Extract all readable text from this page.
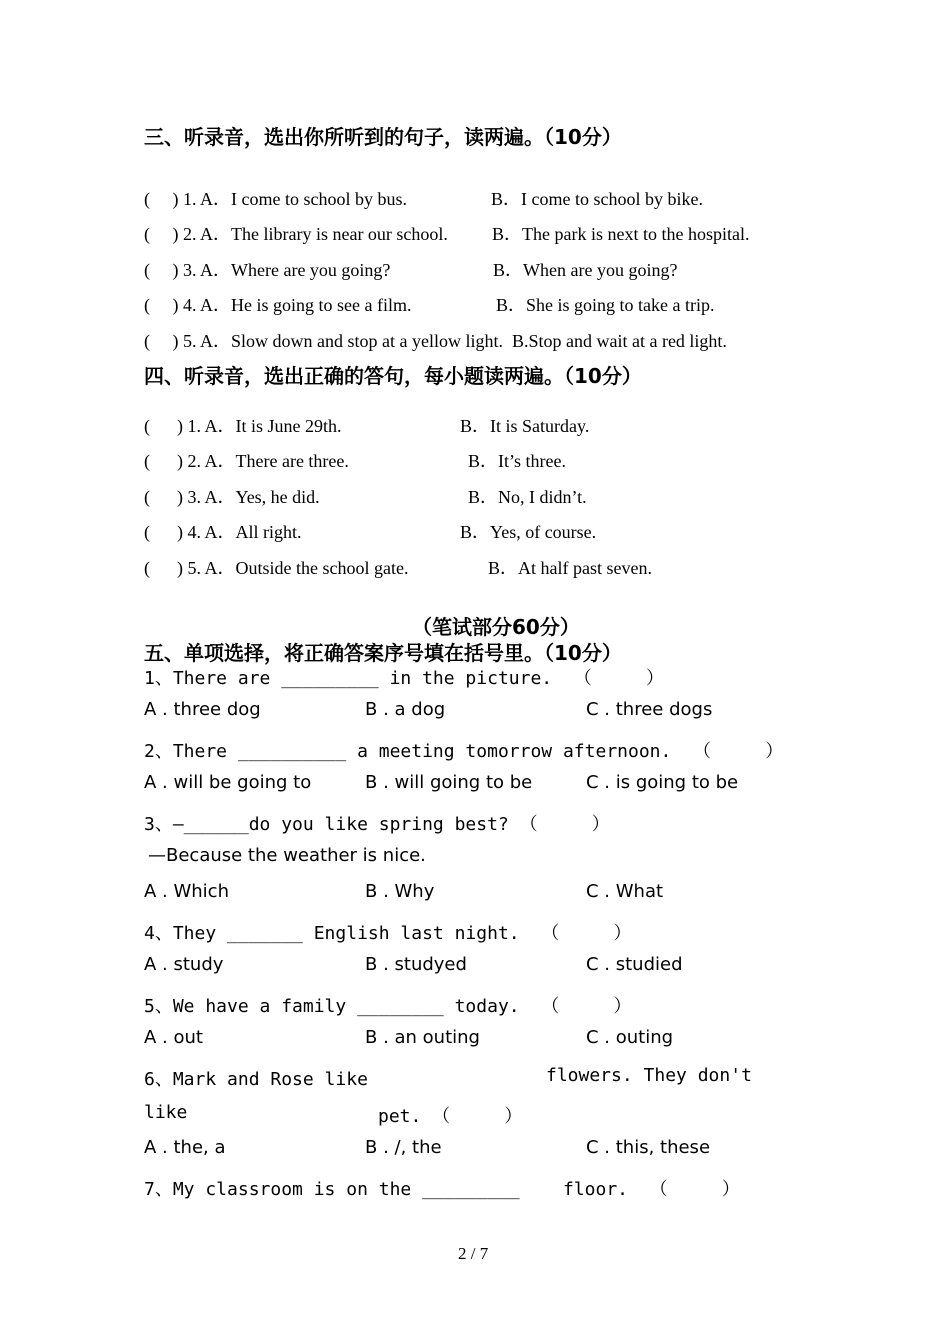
三、听录音，选出你所听到的句子，读两遍。（10分）
(     ) 1. A．I come to school by bus.	B．I come to school by bike.
(     ) 2. A．The library is near our school. B．The park is next to the hospital.
(     ) 3. A．Where are you going?	B．When are you going?
(     ) 4. A．He is going to see a film.	B．She is going to take a trip.
(     ) 5. A．Slow down and stop at a yellow light.  B.Stop and wait at a red light.
四、听录音，选出正确的答句，每小题读两遍。（10分）
(      ) 1. A．It is June 29th.	B．It is Saturday.
(      ) 2. A．There are three.	B．It’s three.
(      ) 3. A．Yes, he did.	B．No, I didn’t.
(      ) 4. A．All right.	B．Yes, of course.
(      ) 5. A．Outside the school gate.	B．At half past seven.
（笔试部分60分）
五、单项选择，将正确答案序号填在括号里。（10分）
1、There are _________ in the picture.  （     ）
A . three dog	B . a dog	C . three dogs
2、There __________ a meeting tomorrow afternoon.  （     ）
A . will be going to	B . will going to be	C . is going to be
3、—______do you like spring best? （     ）
—Because the weather is nice.
A . Which	B . Why	C . What
4、They _______ English last night.  （     ）
A . study	B . studyed	C . studied
5、We have a family ________ today.  （     ）
A . out	B . an outing	C . outing
6、Mark and Rose like	flowers. They don't
like	pet. （     ）
A . the, a	B . /, the	C . this, these
7、My classroom is on the _________    floor.  （     ）
2 / 7
